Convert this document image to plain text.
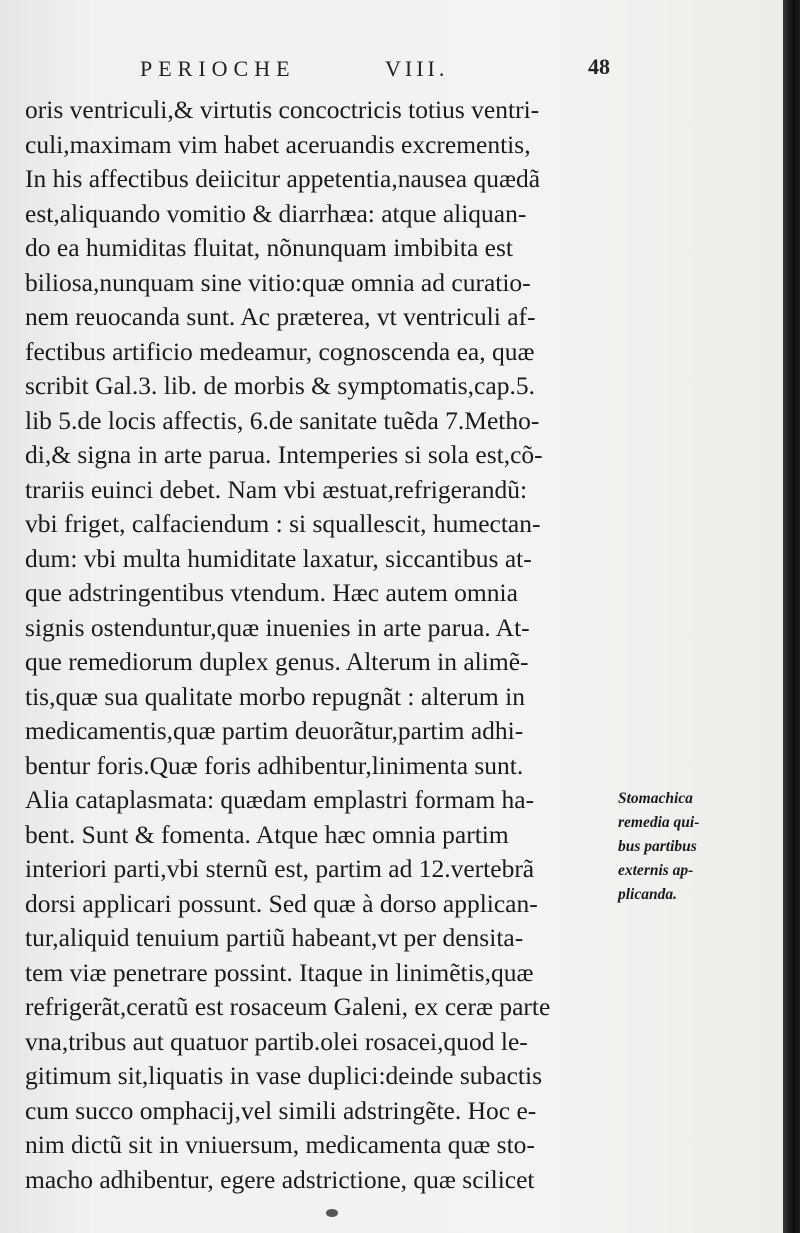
PERIOCHE	VIII.	48
oris ventriculi,& virtutis concoctricis totius ventri-
culi,maximam vim habet aceruandis excrementis,
In his affectibus deiicitur appetentia,nausea quædã
est,aliquando vomitio & diarrhæa: atque aliquan-
do ea humiditas fluitat, nõnunquam imbibita est
biliosa,nunquam sine vitio:quæ omnia ad curatio-
nem reuocanda sunt. Ac præterea, vt ventriculi af-
fectibus artificio medeamur, cognoscenda ea, quæ
scribit Gal.3. lib. de morbis & symptomatis,cap.5.
lib 5.de locis affectis, 6.de sanitate tuẽda 7.Metho-
di,& signa in arte parua. Intemperies si sola est,cõ-
trariis euinci debet. Nam vbi æstuat,refrigerandũ:
vbi friget, calfaciendum : si squallescit, humectan-
dum: vbi multa humiditate laxatur, siccantibus at-
que adstringentibus vtendum. Hæc autem omnia
signis ostenduntur,quæ inuenies in arte parua. At-
que remediorum duplex genus. Alterum in alimẽ-
tis,quæ sua qualitate morbo repugnãt : alterum in
medicamentis,quæ partim deuorãtur,partim adhi-
bentur foris.Quæ foris adhibentur,linimenta sunt.
Alia cataplasmata: quædam emplastri formam ha-
bent. Sunt & fomenta. Atque hæc omnia partim
interiori parti,vbi sternũ est, partim ad 12.vertebrã
dorsi applicari possunt. Sed quæ à dorso applican-
tur,aliquid tenuium partiũ habeant,vt per densita-
tem viæ penetrare possint. Itaque in linimẽtis,quæ
refrigerãt,ceratũ est rosaceum Galeni, ex ceræ parte
vna,tribus aut quatuor partib.olei rosacei,quod le-
gitimum sit,liquatis in vase duplici:deinde subactis
cum succo omphacij,vel simili adstringẽte. Hoc e-
nim dictũ sit in vniuersum, medicamenta quæ sto-
macho adhibentur, egere adstrictione, quæ scilicet
Stomachica
remedia qui-
bus partibus
externis ap-
plicanda.
